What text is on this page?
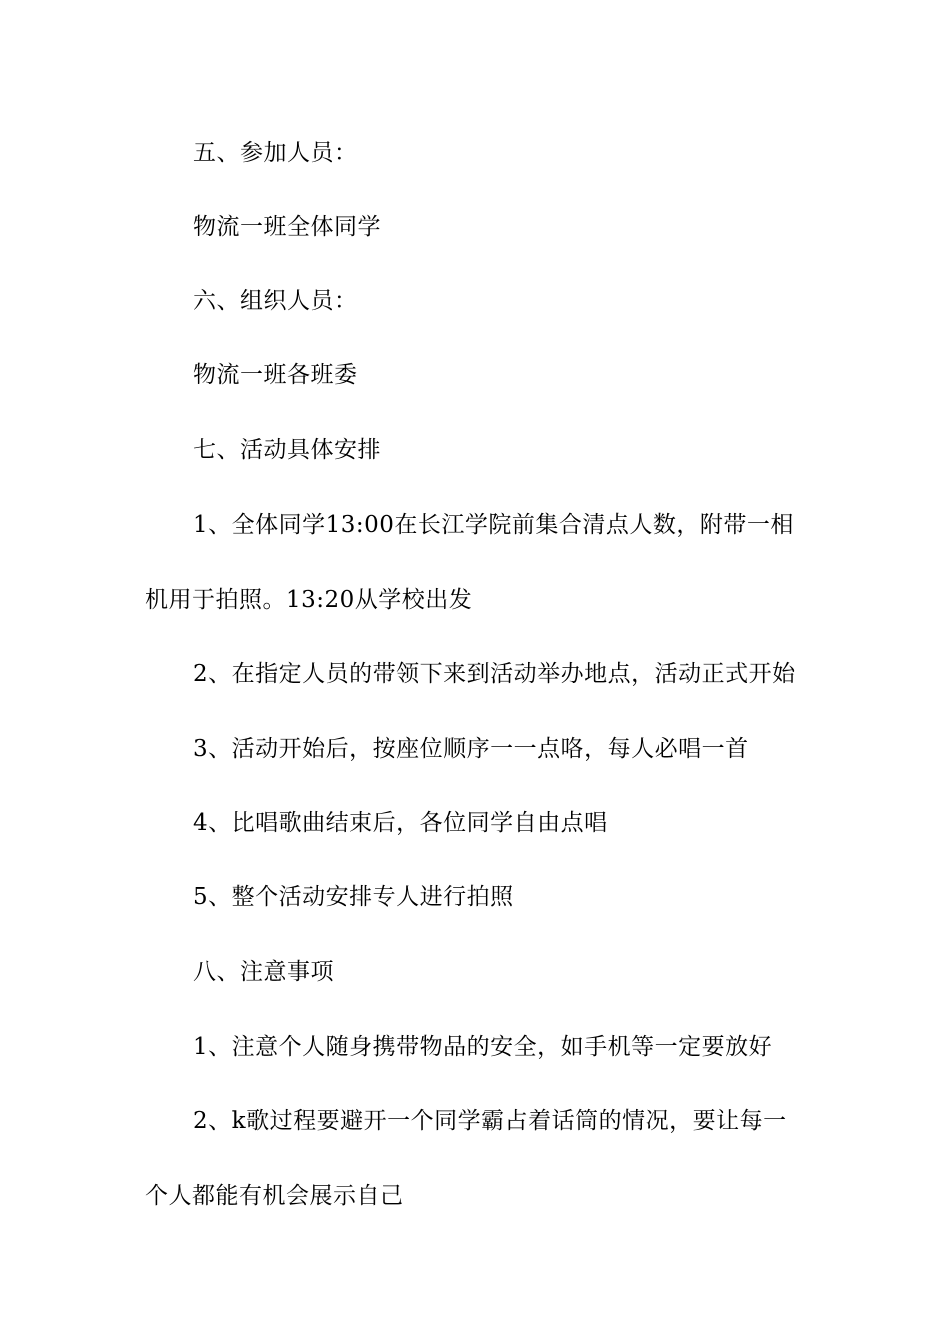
五、参加人员：
物流一班全体同学
六、组织人员：
物流一班各班委
七、活动具体安排
1、全体同学13:00在长江学院前集合清点人数，附带一相
机用于拍照。13:20从学校出发
2、在指定人员的带领下来到活动举办地点，活动正式开始
3、活动开始后，按座位顺序一一点咯，每人必唱一首
4、比唱歌曲结束后，各位同学自由点唱
5、整个活动安排专人进行拍照
八、注意事项
1、注意个人随身携带物品的安全，如手机等一定要放好
2、k歌过程要避开一个同学霸占着话筒的情况，要让每一
个人都能有机会展示自己
